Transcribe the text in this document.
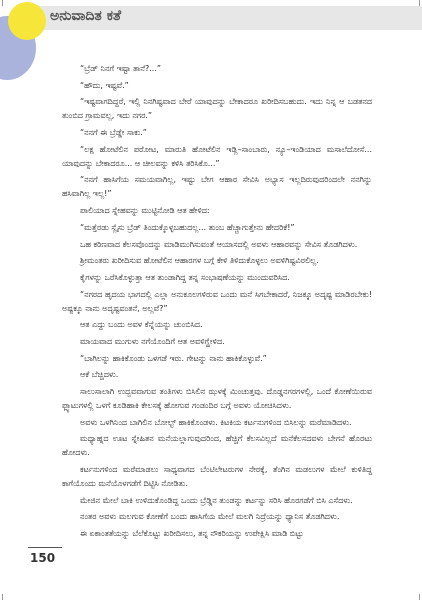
ಅನುವಾದಿತ ಕತೆ

“ಬ್ರೆಡ್ ನಿನಗೆ ಇಷ್ಟಾ ತಾನೆ?...”

“ಹೌದು, ಇಷ್ಟವೆ.”

“ಇಷ್ಟವಾಗದಿದ್ದರೆ, ಇಲ್ಲಿ ನಿನಗಿಷ್ಟವಾದ ಬೇರೆ ಯಾವುದನ್ನು ಬೇಕಾದರೂ ಖರೀದಿಸಬಹುದು. ಇದು ನಿನ್ನ ಆ ಬಡತನದ ತುಂಬಿದ ಗ್ರಾಮವಲ್ಲ, ಇದು ನಗರ.”

“ನನಗೆ ಈ ಬ್ರೆಡ್ಡೇ ಸಾಕು.”

“ಲಕ್ಷ ಹೋಟೆಲಿನ ಪರೋಟ, ಮಾರುತಿ ಹೋಟೆಲಿನ ಇಡ್ಲಿ–ಸಾಂಬಾರು, ನ್ಯೂ–ಇಂಡಿಯಾದ ಮಸಾಲೆದೋಸೆ... ಯಾವುದನ್ನು ಬೇಕಾದರೂ... ಆ ಚೀಲವನ್ನು ಕಳಿಸಿ ತರಿಸಿಕೊ...”

“ನನಗೆ ಹಾಸಿಗೆಯ ಸಮಯವಾಗಿಲ್ಲ, ಇಷ್ಟು ಬೇಗ ಆಹಾರ ಸೇವಿಸಿ ಅಭ್ಯಾಸ ಇಲ್ಲದಿರುವುದರಿಂದಲೇ ನನಗಿನ್ನು ಹಸಿವಾಗಿಲ್ಲ ಇಲ್ಲ!”

ಪಾಲಿಯಾದ ಸ್ನೇಹವನ್ನು ಮುಟ್ಟಿನೋಡಿ ಆತ ಹೇಳಿದ:

“ಮತ್ತೆರಡು ಸ್ಲೈಸು ಬ್ರೆಡ್ ತಿಂದುಕ್ಕೊಳ್ಳಬಹುದಲ್ಲ... ತುಂಬ ಹೆಚ್ಚಾಗುತ್ತೇನು ಹೇದರಿಕೆ!”

ಒಹ ಕಠಿಣವಾದ ಕೆಲಸವೊಂದನ್ನು ಮಾಡಿಮುಗಿಸುವಂತೆ ಆಯಾಸದಲ್ಲಿ ಅವಳು ಆಹಾರವನ್ನು ಸೇವಿಸ ತೊಡಗಿದಳು.

ಶ್ರೀಮಂತರು ಖರೀದಿಸುವ ಹೋಟೆಲಿನ ಆಹಾರಗಳ ಬಗ್ಗೆ ಕೇಳಿ ತಿಳಿದುಕೊಳ್ಳಲು ಅವಳಿಗಿಷ್ಟವಿರಲಿಲ್ಲ.

ಕೈಗಳನ್ನು ಒರೆಸಿಕೊಳ್ಳುತ್ತಾ ಆತ ತುಂಡಾಗಿದ್ದ ತನ್ನ ಸಂಭಾಷಣೆಯನ್ನು ಮುಂದುವರಿಸಿದ.

“ನಗರದ ಹೃದಯ ಭಾಗದಲ್ಲಿ ಎಲ್ಲಾ ಅನುಕೂಲಗಳಿರುವ ಒಂದು ಮನೆ ಸಿಗಬೇಕಾದರೆ, ನಿಜಕ್ಕೂ ಅದೃಷ್ಟ ಮಾಡಿರಬೇಕು! ಅಷ್ಟಕ್ಕೂ ನಾನು ಅದೃಷ್ಟವಂತನೆ, ಅಲ್ಲವೆ?”

ಆತ ಎದ್ದು ಬಂದು ಅವಳ ಕೆನ್ನೆಯನ್ನು ಚುಂಬಿಸಿದ.

ಮಾಯವಾದ ಮುಗುಳು ನಗೆಯೊಂದಿಗೆ ಆತ ಅವಳಿಗ್ಹೇಳಿದ.

“ಬಾಗಿಲನ್ನು ಹಾಕಿಕೊಂಡು ಒಳಗಡೆ ಇರು. ಗೇಟನ್ನು ನಾನು ಹಾಕಿಕೊಳ್ಳುವೆ.”

ಆಕೆ ಬೆಚ್ಚಿದಳು.

ಸಾಲುಸಾಲಾಗಿ ಉದ್ಭವವಾಗುವ ತಂತಿಗಳು ಬಿಸಿಲಿನ ಝಳಕ್ಕೆ ಮಿಂಚುತ್ತವು. ದೊಡ್ಡನಗರಗಳಲ್ಲಿ, ಒಂದೆ ಕೋಣೆಯಿರುವ ಫ್ಲ್ಯಾಟುಗಳಲ್ಲಿ ಒಳಗೆ ಕೂಡಿಹಾಕಿ ಕೇಲಸಕ್ಕೆ ಹೋಗುವ ಗಂಡಂದಿರ ಬಗ್ಗೆ ಅವಳು ಯೋಚಿಸಿದಳು.

ಅವಳು ಒಳಗಿನಿಂದ ಬಾಗಿಲಿನ ಬೋಲ್ಟ್ ಹಾಕಿಕೊಂಡಳು. ಕಿಟಕಿಯ ಕರ್ಟನುಗಳಿಂದ ಬಿಸಿಲನ್ನು ಮರೆಮಾಡಿದಳು.

ಮಧ್ಯಾಹ್ನದ ಊಟ ಸ್ನೇಹಿತನ ಮನೆಯಲ್ಲಾಗುವುದರಿಂದ, ಹೆಚ್ಚಿಗೆ ಕೆಲಸವಿಲ್ಲದೆ ಮನೆಕೆಲಸದವಳು ಬೇಗನೆ ಹೊರಟು ಹೋದಳು.

ಕರ್ಟನುಗಳಿಂದ ಮರೆಮಾಡಲು ಸಾಧ್ಯವಾಗದ ಬೆಂಟಿಲೇಟರುಗಳ ನೇರಕ್ಕೆ, ತೆಂಗಿನ ಮಡಲುಗಳ ಮೇಲೆ ಕುಳಿತಿದ್ದ ಕಾಗೆಯೊಂದು ಮನೆಯೊಳಗಡೆಗೆ ದಿಟ್ಟಿಸಿ ನೋಡಿತು.

ಮೇಜಿನ ಮೇಲೆ ಬಾಕಿ ಉಳಿದುಕೊಂಡಿದ್ದ ಒಂದು ಬ್ರೆಡ್ಡಿನ ತುಂಡನ್ನು ಕರ್ಟನ್ನು ಸರಿಸಿ ಹೊರಗಡೆಗೆ ಬಿಸಿ ಎಸೆದಳು.

ನಂತರ ಅವಳು ಮಲಗುವ ಕೋಣೆಗೆ ಬಂದು ಹಾಸಿಗೆಯ ಮೇಲೆ ಮಲಗಿ ನಿದ್ರೆಯನ್ನು ಧ್ಯಾನಿಸ ತೊಡಗಿದಳು.

ಈ ಏಕಾಂತತೆಯನ್ನು ಬೆಲೆಕೊಟ್ಟು ಖರೀದಿಸಲು, ತನ್ನ ನೌಕರಿಯನ್ನು ಉಪೇಕ್ಷಿಸಿ ಮಾಡಿ ಬಿಟ್ಟು

150
